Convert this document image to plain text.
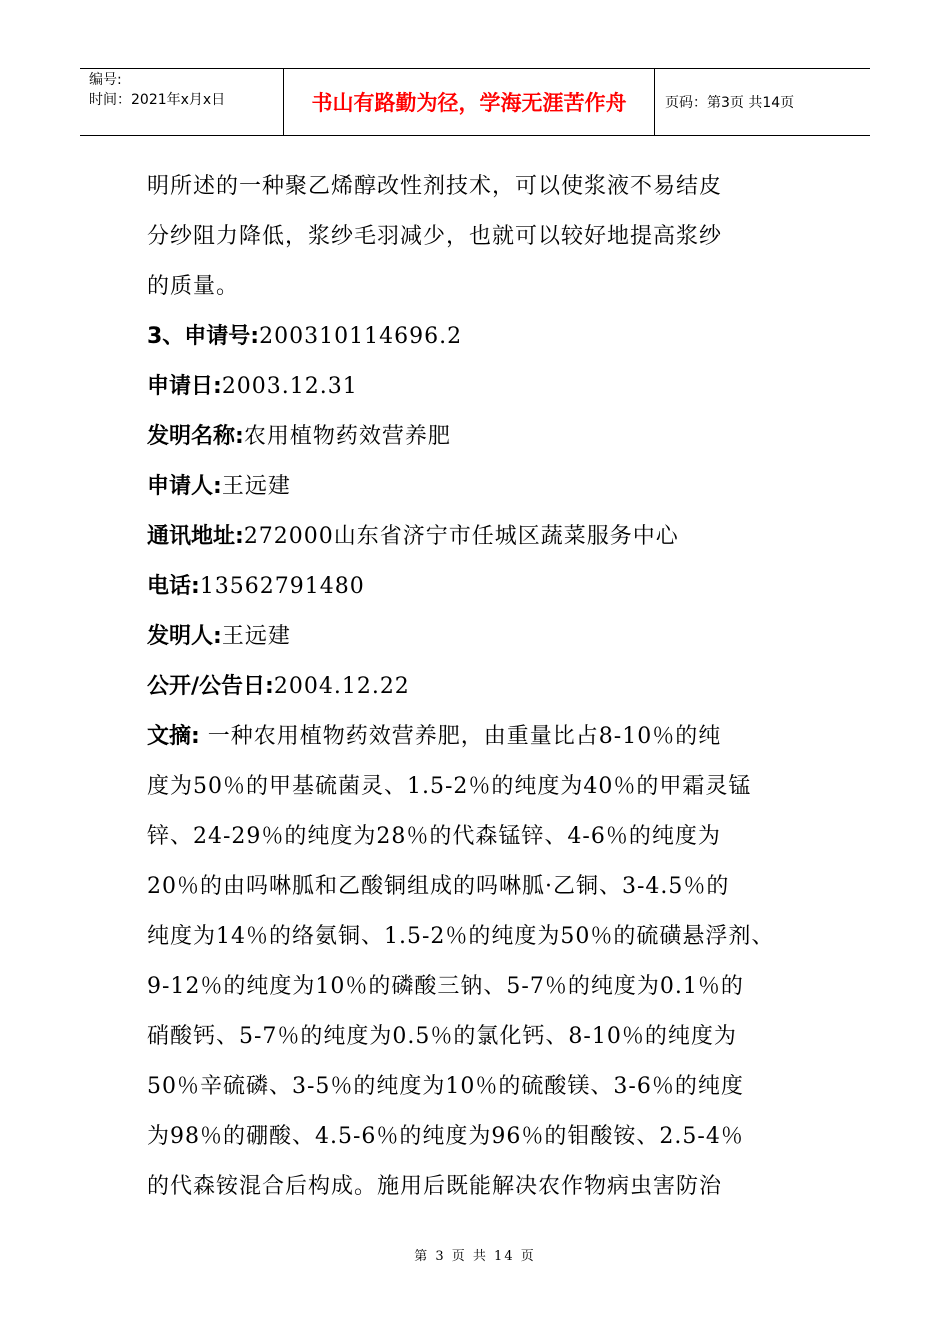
编号:
时间：2021年x月x日	书山有路勤为径，学海无涯苦作舟	页码：第3页 共14页
明所述的一种聚乙烯醇改性剂技术，可以使浆液不易结皮
分纱阻力降低，浆纱毛羽减少，也就可以较好地提高浆纱
的质量。
3、申请号:200310114696.2
申请日:2003.12.31
发明名称:农用植物药效营养肥
申请人:王远建
通讯地址:272000山东省济宁市任城区蔬菜服务中心
电话:13562791480
发明人:王远建
公开/公告日:2004.12.22
文摘: 一种农用植物药效营养肥，由重量比占8-10％的纯
度为50％的甲基硫菌灵、1.5-2％的纯度为40％的甲霜灵锰
锌、24-29％的纯度为28％的代森锰锌、4-6％的纯度为
20％的由吗啉胍和乙酸铜组成的吗啉胍·乙铜、3-4.5％的
纯度为14％的络氨铜、1.5-2％的纯度为50％的硫磺悬浮剂、
9-12％的纯度为10％的磷酸三钠、5-7％的纯度为0.1％的
硝酸钙、5-7％的纯度为0.5％的氯化钙、8-10％的纯度为
50％辛硫磷、3-5％的纯度为10％的硫酸镁、3-6％的纯度
为98％的硼酸、4.5-6％的纯度为96％的钼酸铵、2.5-4％
的代森铵混合后构成。施用后既能解决农作物病虫害防治
第 3 页 共 14 页
